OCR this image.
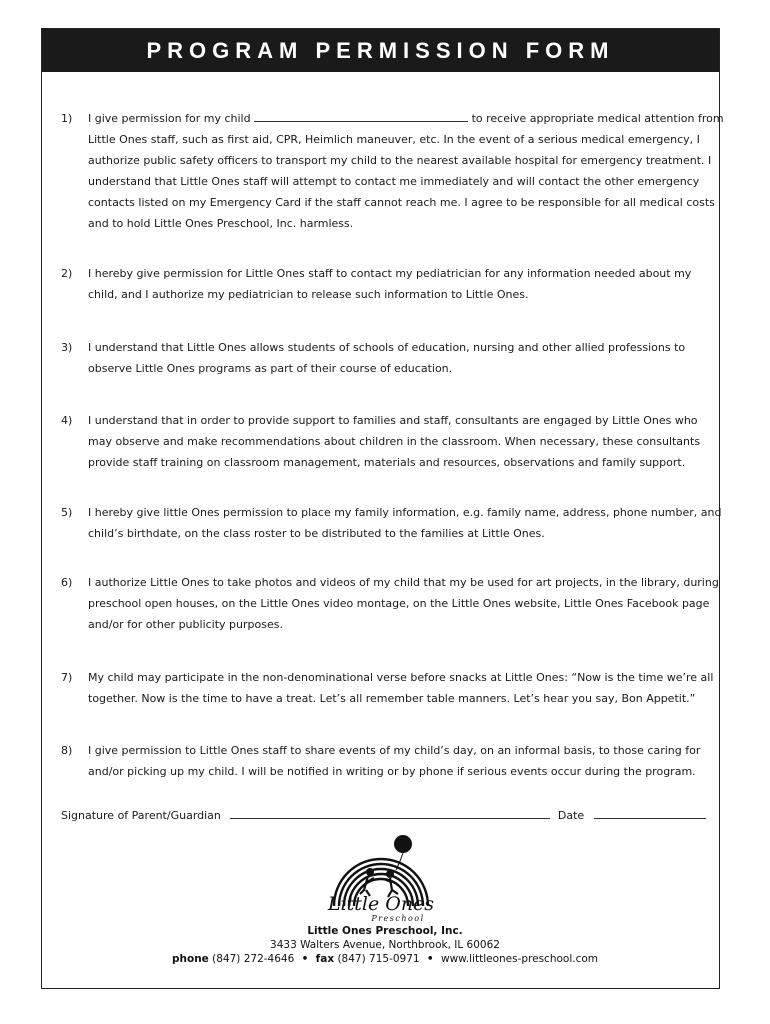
PROGRAM PERMISSION FORM
1)	I give permission for my child	to receive appropriate medical attention from Little Ones staff, such as first aid, CPR, Heimlich maneuver, etc. In the event of a serious medical emergency, I authorize public safety officers to transport my child to the nearest available hospital for emergency treatment. I understand that Little Ones staff will attempt to contact me immediately and will contact the other emergency contacts listed on my Emergency Card if the staff cannot reach me. I agree to be responsible for all medical costs and to hold Little Ones Preschool, Inc. harmless.
2)	I hereby give permission for Little Ones staff to contact my pediatrician for any information needed about my child, and I authorize my pediatrician to release such information to Little Ones.
3)	I understand that Little Ones allows students of schools of education, nursing and other allied professions to observe Little Ones programs as part of their course of education.
4)	I understand that in order to provide support to families and staff, consultants are engaged by Little Ones who may observe and make recommendations about children in the classroom. When necessary, these consultants provide staff training on classroom management, materials and resources, observations and family support.
5)	I hereby give little Ones permission to place my family information, e.g. family name, address, phone number, and child’s birthdate, on the class roster to be distributed to the families at Little Ones.
6)	I authorize Little Ones to take photos and videos of my child that my be used for art projects, in the library, during preschool open houses, on the Little Ones video montage, on the Little Ones website, Little Ones Facebook page and/or for other publicity purposes.
7)	My child may participate in the non-denominational verse before snacks at Little Ones: “Now is the time we’re all together. Now is the time to have a treat. Let’s all remember table manners. Let’s hear you say, Bon Appetit.”
8)	I give permission to Little Ones staff to share events of my child’s day, on an informal basis, to those caring for and/or picking up my child. I will be notified in writing or by phone if serious events occur during the program.
Signature of Parent/Guardian	Date
Little Ones
Preschool
Little Ones Preschool, Inc.
3433 Walters Avenue, Northbrook, IL 60062
phone (847) 272-4646 • fax (847) 715-0971 • www.littleones-preschool.com
